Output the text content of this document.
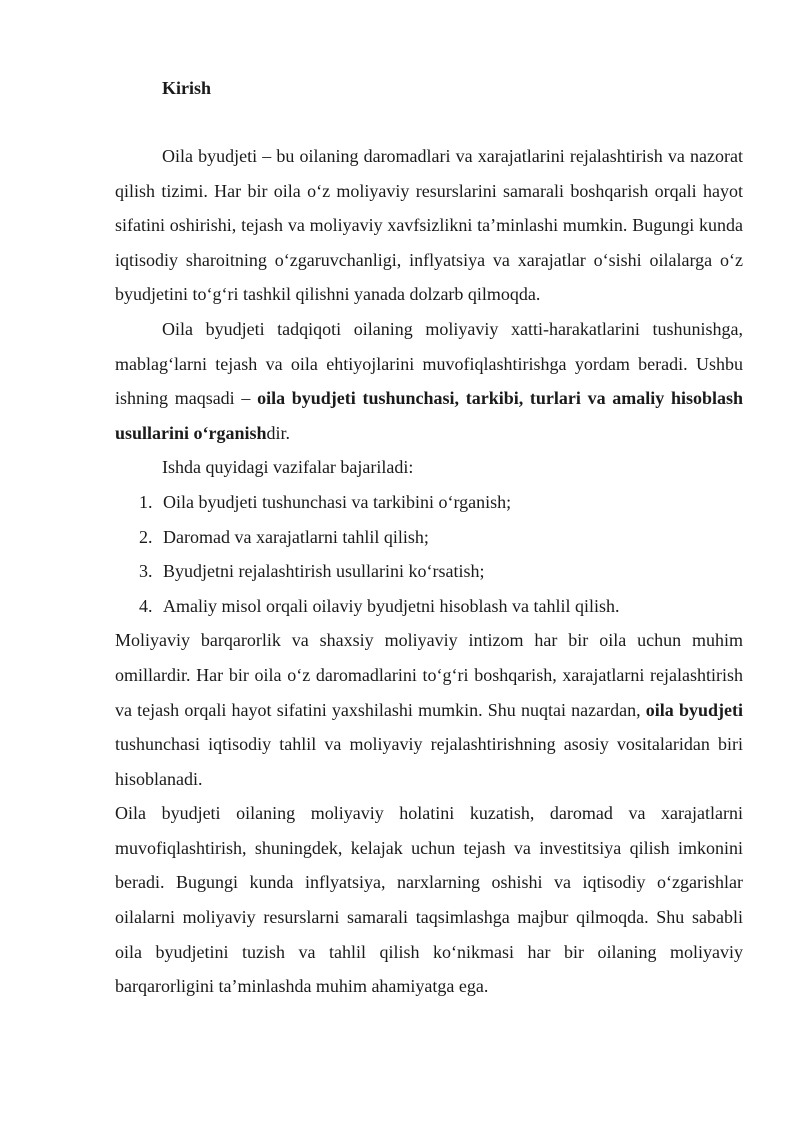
Kirish

Oila byudjeti – bu oilaning daromadlari va xarajatlarini rejalashtirish va nazorat qilish tizimi. Har bir oila o‘z moliyaviy resurslarini samarali boshqarish orqali hayot sifatini oshirishi, tejash va moliyaviy xavfsizlikni ta’minlashi mumkin. Bugungi kunda iqtisodiy sharoitning o‘zgaruvchanligi, inflyatsiya va xarajatlar o‘sishi oilalarga o‘z byudjetini to‘g‘ri tashkil qilishni yanada dolzarb qilmoqda.

Oila byudjeti tadqiqoti oilaning moliyaviy xatti-harakatlarini tushunishga, mablag‘larni tejash va oila ehtiyojlarini muvofiqlashtirishga yordam beradi. Ushbu ishning maqsadi – oila byudjeti tushunchasi, tarkibi, turlari va amaliy hisoblash usullarini o‘rganishdir.

Ishda quyidagi vazifalar bajariladi:

1. Oila byudjeti tushunchasi va tarkibini o‘rganish;
2. Daromad va xarajatlarni tahlil qilish;
3. Byudjetni rejalashtirish usullarini ko‘rsatish;
4. Amaliy misol orqali oilaviy byudjetni hisoblash va tahlil qilish.

Moliyaviy barqarorlik va shaxsiy moliyaviy intizom har bir oila uchun muhim omillardir. Har bir oila o‘z daromadlarini to‘g‘ri boshqarish, xarajatlarni rejalashtirish va tejash orqali hayot sifatini yaxshilashi mumkin. Shu nuqtai nazardan, oila byudjeti tushunchasi iqtisodiy tahlil va moliyaviy rejalashtirishning asosiy vositalaridan biri hisoblanadi.

Oila byudjeti oilaning moliyaviy holatini kuzatish, daromad va xarajatlarni muvofiqlashtirish, shuningdek, kelajak uchun tejash va investitsiya qilish imkonini beradi. Bugungi kunda inflyatsiya, narxlarning oshishi va iqtisodiy o‘zgarishlar oilalarni moliyaviy resurslarni samarali taqsimlashga majbur qilmoqda. Shu sababli oila byudjetini tuzish va tahlil qilish ko‘nikmasi har bir oilaning moliyaviy barqarorligini ta’minlashda muhim ahamiyatga ega.
